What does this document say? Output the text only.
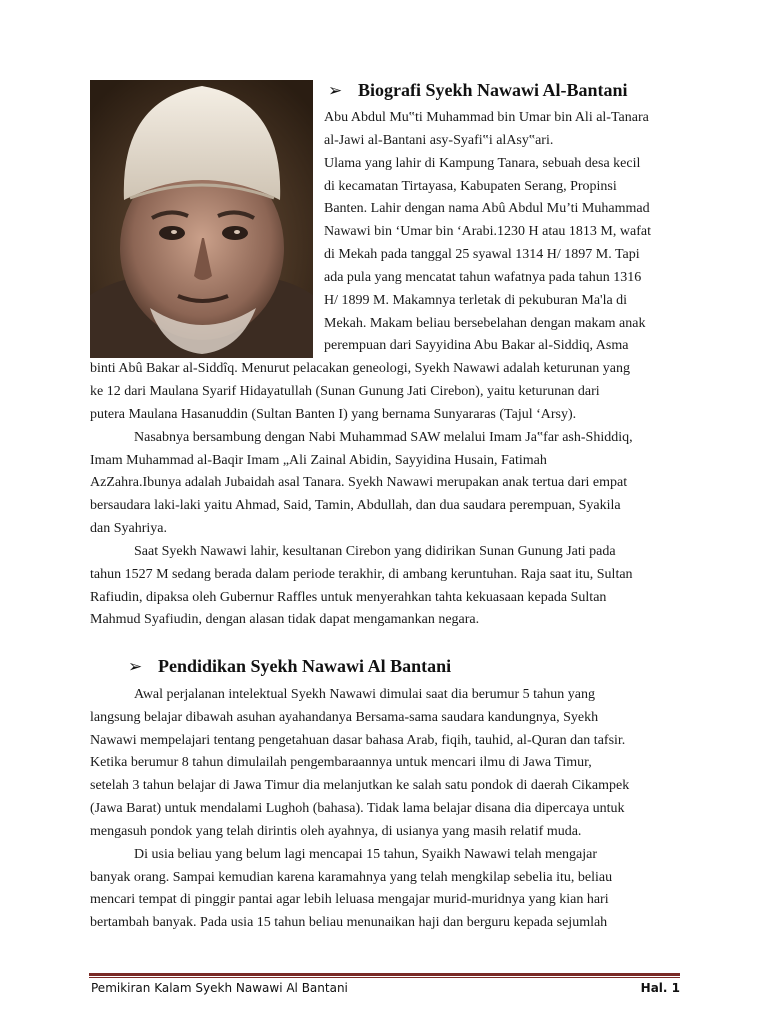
➢ Biografi Syekh Nawawi Al-Bantani
Abu Abdul Mu‟ti Muhammad bin Umar bin Ali al-Tanara
al-Jawi al-Bantani asy-Syafi‟i alAsy‟ari.
Ulama yang lahir di Kampung Tanara, sebuah desa kecil
di kecamatan Tirtayasa, Kabupaten Serang, Propinsi
Banten. Lahir dengan nama Abû Abdul Mu’ti Muhammad
Nawawi bin ‘Umar bin ‘Arabi.1230 H atau 1813 M, wafat
di Mekah pada tanggal 25 syawal 1314 H/ 1897 M. Tapi
ada pula yang mencatat tahun wafatnya pada tahun 1316
H/ 1899 M. Makamnya terletak di pekuburan Ma'la di
Mekah. Makam beliau bersebelahan dengan makam anak
perempuan dari Sayyidina Abu Bakar al-Siddiq, Asma
binti Abû Bakar al-Siddîq. Menurut pelacakan geneologi, Syekh Nawawi adalah keturunan yang
ke 12 dari Maulana Syarif Hidayatullah (Sunan Gunung Jati Cirebon), yaitu keturunan dari
putera Maulana Hasanuddin (Sultan Banten I) yang bernama Sunyararas (Tajul ‘Arsy).
Nasabnya bersambung dengan Nabi Muhammad SAW melalui Imam Ja‟far ash-Shiddiq,
Imam Muhammad al-Baqir Imam „Ali Zainal Abidin, Sayyidina Husain, Fatimah
AzZahra.Ibunya adalah Jubaidah asal Tanara. Syekh Nawawi merupakan anak tertua dari empat
bersaudara laki-laki yaitu Ahmad, Said, Tamin, Abdullah, dan dua saudara perempuan, Syakila
dan Syahriya.
Saat Syekh Nawawi lahir, kesultanan Cirebon yang didirikan Sunan Gunung Jati pada
tahun 1527 M sedang berada dalam periode terakhir, di ambang keruntuhan. Raja saat itu, Sultan
Rafiudin, dipaksa oleh Gubernur Raffles untuk menyerahkan tahta kekuasaan kepada Sultan
Mahmud Syafiudin, dengan alasan tidak dapat mengamankan negara.
➢ Pendidikan Syekh Nawawi Al Bantani
Awal perjalanan intelektual Syekh Nawawi dimulai saat dia berumur 5 tahun yang
langsung belajar dibawah asuhan ayahandanya Bersama-sama saudara kandungnya, Syekh
Nawawi mempelajari tentang pengetahuan dasar bahasa Arab, fiqih, tauhid, al-Quran dan tafsir.
Ketika berumur 8 tahun dimulailah pengembaraannya untuk mencari ilmu di Jawa Timur,
setelah 3 tahun belajar di Jawa Timur dia melanjutkan ke salah satu pondok di daerah Cikampek
(Jawa Barat) untuk mendalami Lughoh (bahasa). Tidak lama belajar disana dia dipercaya untuk
mengasuh pondok yang telah dirintis oleh ayahnya, di usianya yang masih relatif muda.
Di usia beliau yang belum lagi mencapai 15 tahun, Syaikh Nawawi telah mengajar
banyak orang. Sampai kemudian karena karamahnya yang telah mengkilap sebelia itu, beliau
mencari tempat di pinggir pantai agar lebih leluasa mengajar murid-muridnya yang kian hari
bertambah banyak. Pada usia 15 tahun beliau menunaikan haji dan berguru kepada sejumlah
Pemikiran Kalam Syekh Nawawi Al Bantani	Hal. 1
